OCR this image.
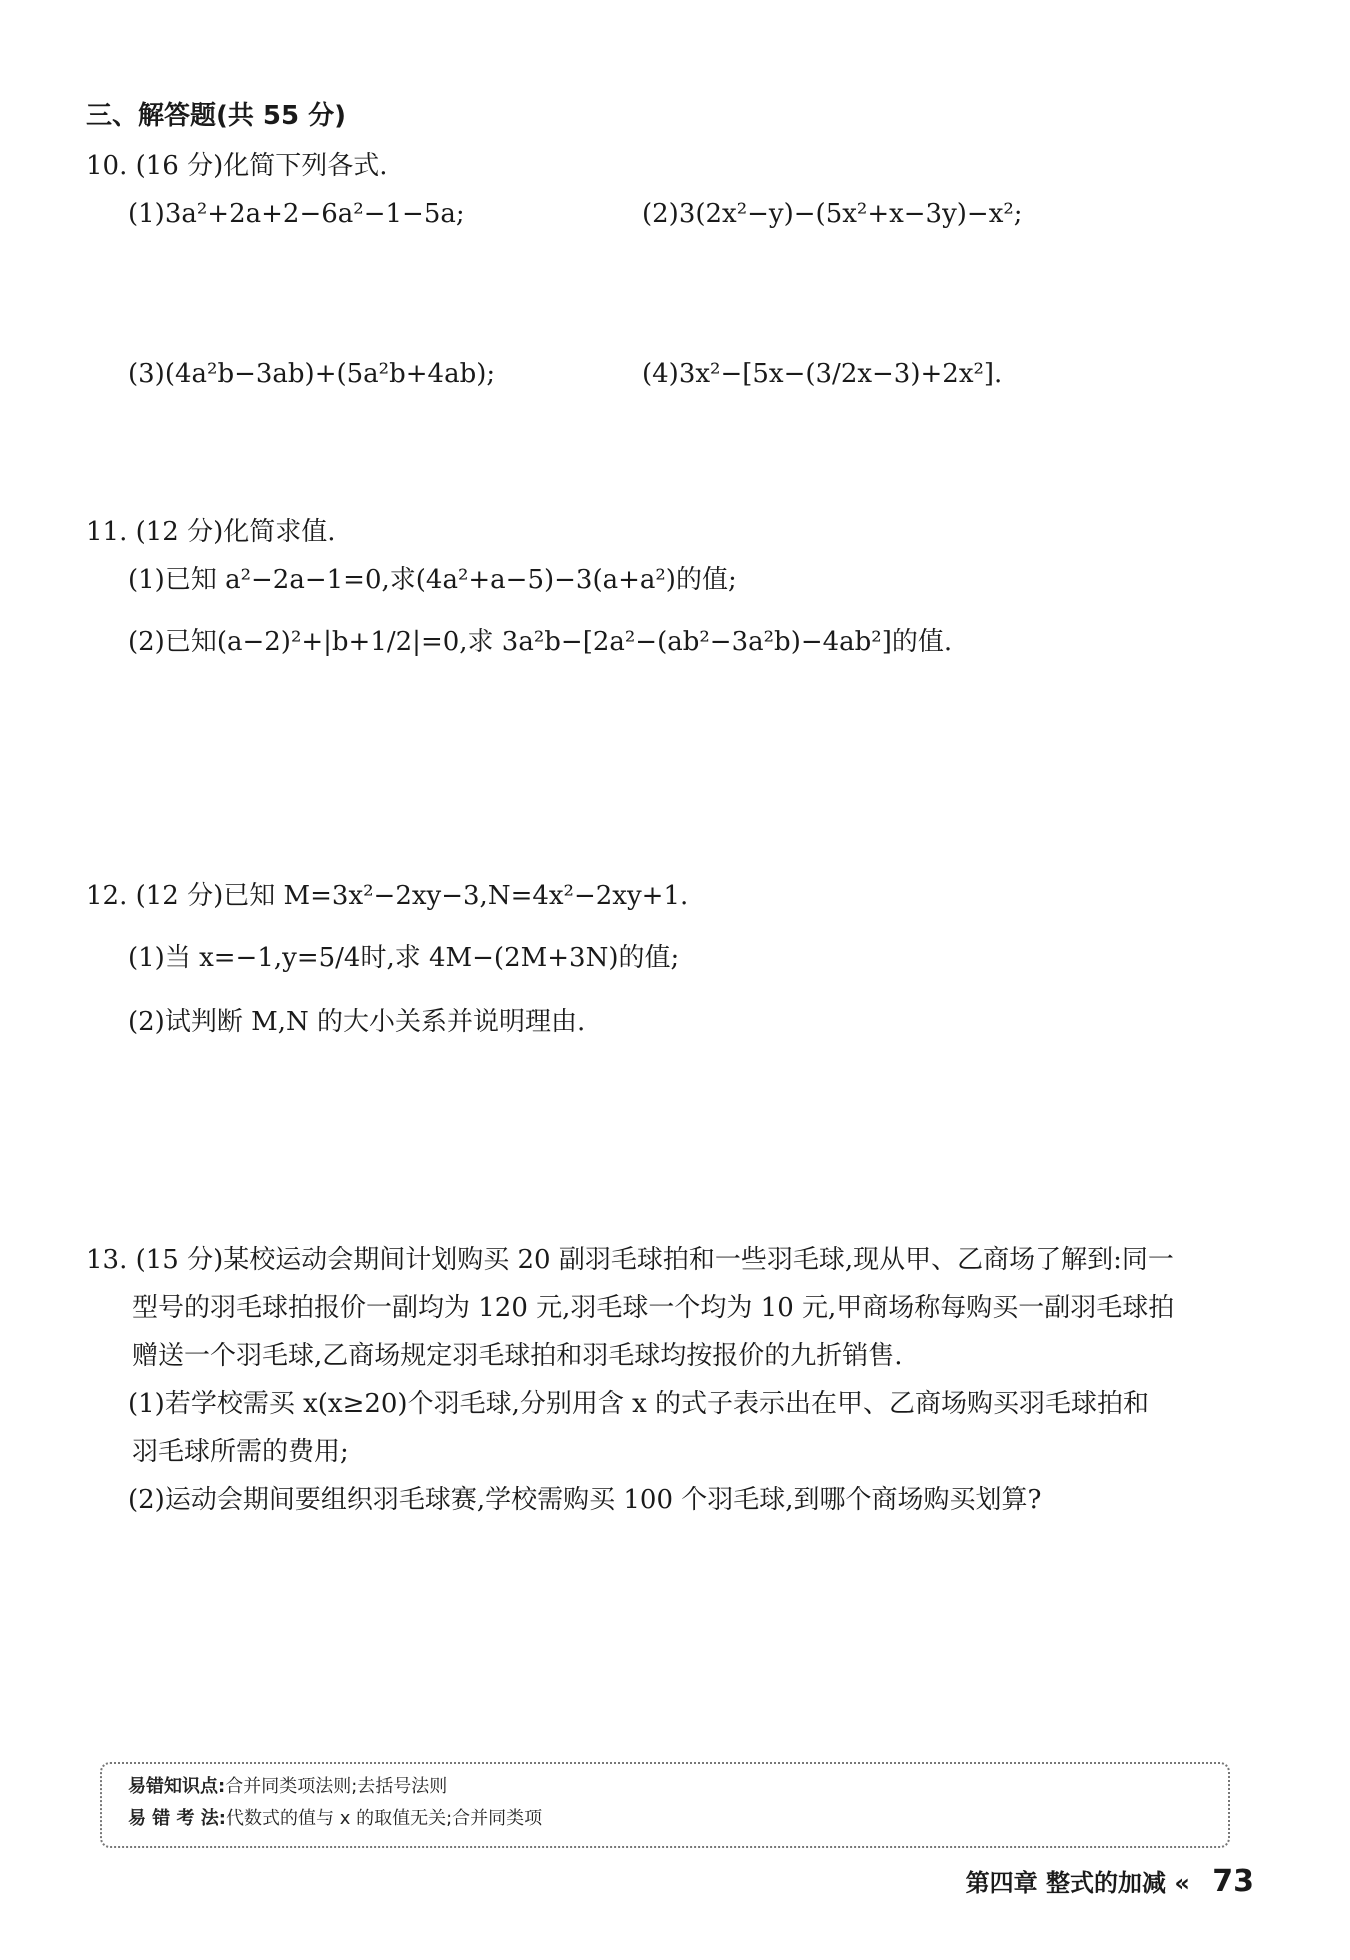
三、解答题(共 55 分)
10. (16 分)化简下列各式.
(1)3a²+2a+2−6a²−1−5a;	(2)3(2x²−y)−(5x²+x−3y)−x²;
(3)(4a²b−3ab)+(5a²b+4ab);	(4)3x²−[5x−(3/2x−3)+2x²].
11. (12 分)化简求值.
(1)已知 a²−2a−1=0,求(4a²+a−5)−3(a+a²)的值;
(2)已知(a−2)²+|b+1/2|=0,求 3a²b−[2a²−(ab²−3a²b)−4ab²]的值.
12. (12 分)已知 M=3x²−2xy−3,N=4x²−2xy+1.
(1)当 x=−1,y=5/4时,求 4M−(2M+3N)的值;
(2)试判断 M,N 的大小关系并说明理由.
13. (15 分)某校运动会期间计划购买 20 副羽毛球拍和一些羽毛球,现从甲、乙商场了解到:同一
型号的羽毛球拍报价一副均为 120 元,羽毛球一个均为 10 元,甲商场称每购买一副羽毛球拍
赠送一个羽毛球,乙商场规定羽毛球拍和羽毛球均按报价的九折销售.
(1)若学校需买 x(x≥20)个羽毛球,分别用含 x 的式子表示出在甲、乙商场购买羽毛球拍和
羽毛球所需的费用;
(2)运动会期间要组织羽毛球赛,学校需购买 100 个羽毛球,到哪个商场购买划算?
易错知识点:合并同类项法则;去括号法则
易 错 考 法:代数式的值与 x 的取值无关;合并同类项
第四章 整式的加减 « 73
